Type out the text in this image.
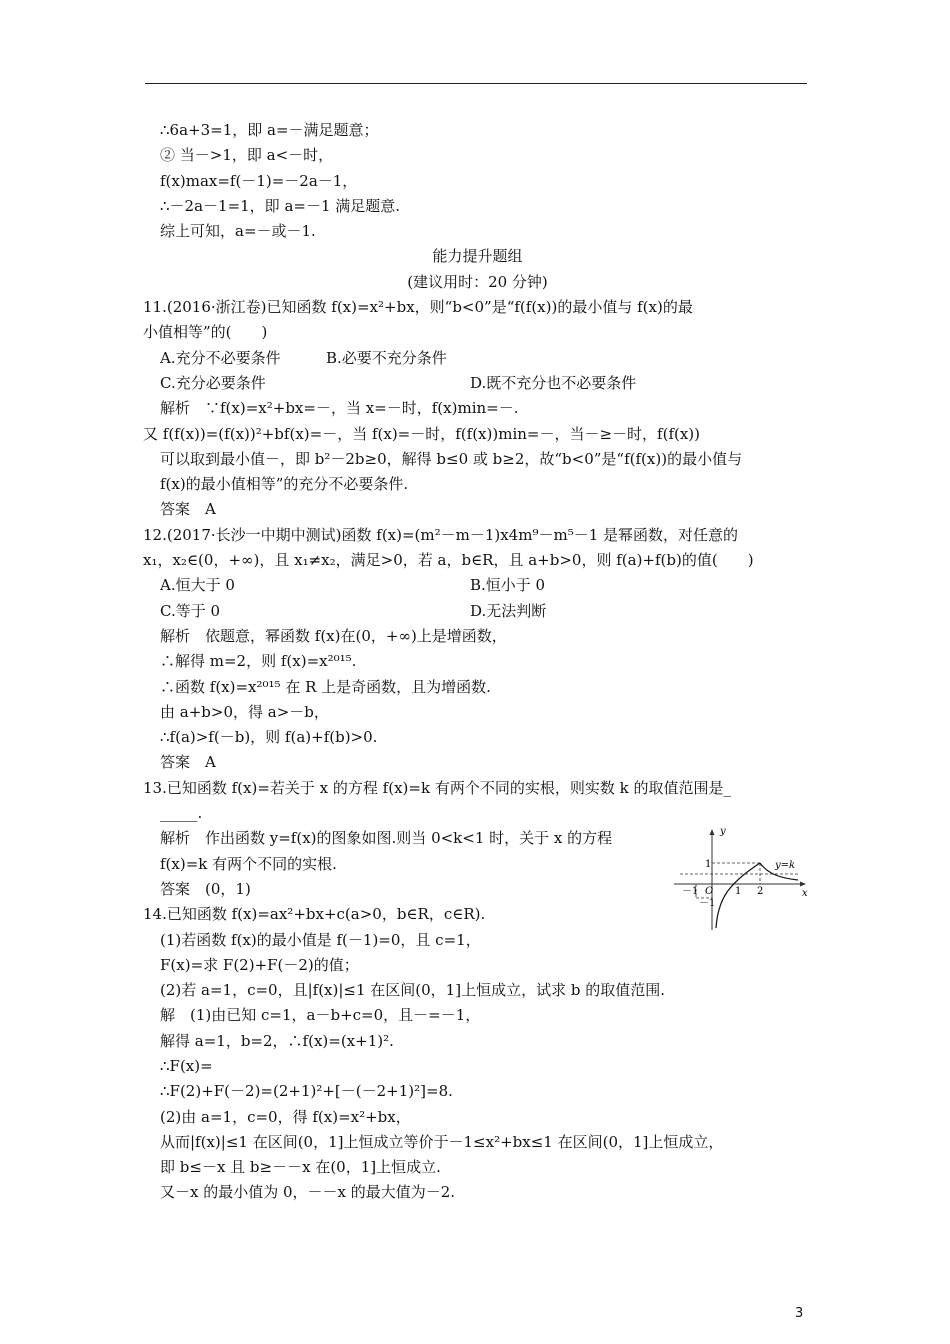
∴6a+3=1，即 a=－满足题意；
② 当－>1，即 a<－时，
f(x)max=f(－1)=－2a－1，
∴－2a－1=1，即 a=－1 满足题意.
综上可知，a=－或－1.
能力提升题组
(建议用时：20 分钟)
11.(2016·浙江卷)已知函数 f(x)=x²+bx，则“b<0”是“f(f(x))的最小值与 f(x)的最
小值相等”的(　　)
A.充分不必要条件	B.必要不充分条件
C.充分必要条件	D.既不充分也不必要条件
解析　∵f(x)=x²+bx=－，当 x=－时，f(x)min=－.
又 f(f(x))=(f(x))²+bf(x)=－，当 f(x)=－时，f(f(x))min=－，当－≥－时，f(f(x))
可以取到最小值－，即 b²－2b≥0，解得 b≤0 或 b≥2，故“b<0”是“f(f(x))的最小值与
f(x)的最小值相等”的充分不必要条件.
答案　A
12.(2017·长沙一中期中测试)函数 f(x)=(m²－m－1)x4m⁹－m⁵－1 是幂函数，对任意的
x₁，x₂∈(0，+∞)，且 x₁≠x₂，满足>0，若 a，b∈R，且 a+b>0，则 f(a)+f(b)的值(　　)
A.恒大于 0	B.恒小于 0
C.等于 0	D.无法判断
解析　依题意，幂函数 f(x)在(0，+∞)上是增函数，
∴解得 m=2，则 f(x)=x²⁰¹⁵.
∴函数 f(x)=x²⁰¹⁵ 在 R 上是奇函数，且为增函数.
由 a+b>0，得 a>－b，
∴f(a)>f(－b)，则 f(a)+f(b)>0.
答案　A
13.已知函数 f(x)=若关于 x 的方程 f(x)=k 有两个不同的实根，则实数 k 的取值范围是_
_____.
解析　作出函数 y=f(x)的图象如图.则当 0<k<1 时，关于 x 的方程
f(x)=k 有两个不同的实根.
答案　(0，1)
14.已知函数 f(x)=ax²+bx+c(a>0，b∈R，c∈R).
(1)若函数 f(x)的最小值是 f(－1)=0，且 c=1，
F(x)=求 F(2)+F(－2)的值；
(2)若 a=1，c=0，且|f(x)|≤1 在区间(0，1]上恒成立，试求 b 的取值范围.
解　(1)由已知 c=1，a－b+c=0，且－=－1，
解得 a=1，b=2，∴f(x)=(x+1)².
∴F(x)=
∴F(2)+F(－2)=(2+1)²+[－(－2+1)²]=8.
(2)由 a=1，c=0，得 f(x)=x²+bx，
从而|f(x)|≤1 在区间(0，1]上恒成立等价于－1≤x²+bx≤1 在区间(0，1]上恒成立，
即 b≤－x 且 b≥－－x 在(0，1]上恒成立.
又－x 的最小值为 0，－－x 的最大值为－2.
y
x
y=k
O
－1	1 2
1
－1
3
